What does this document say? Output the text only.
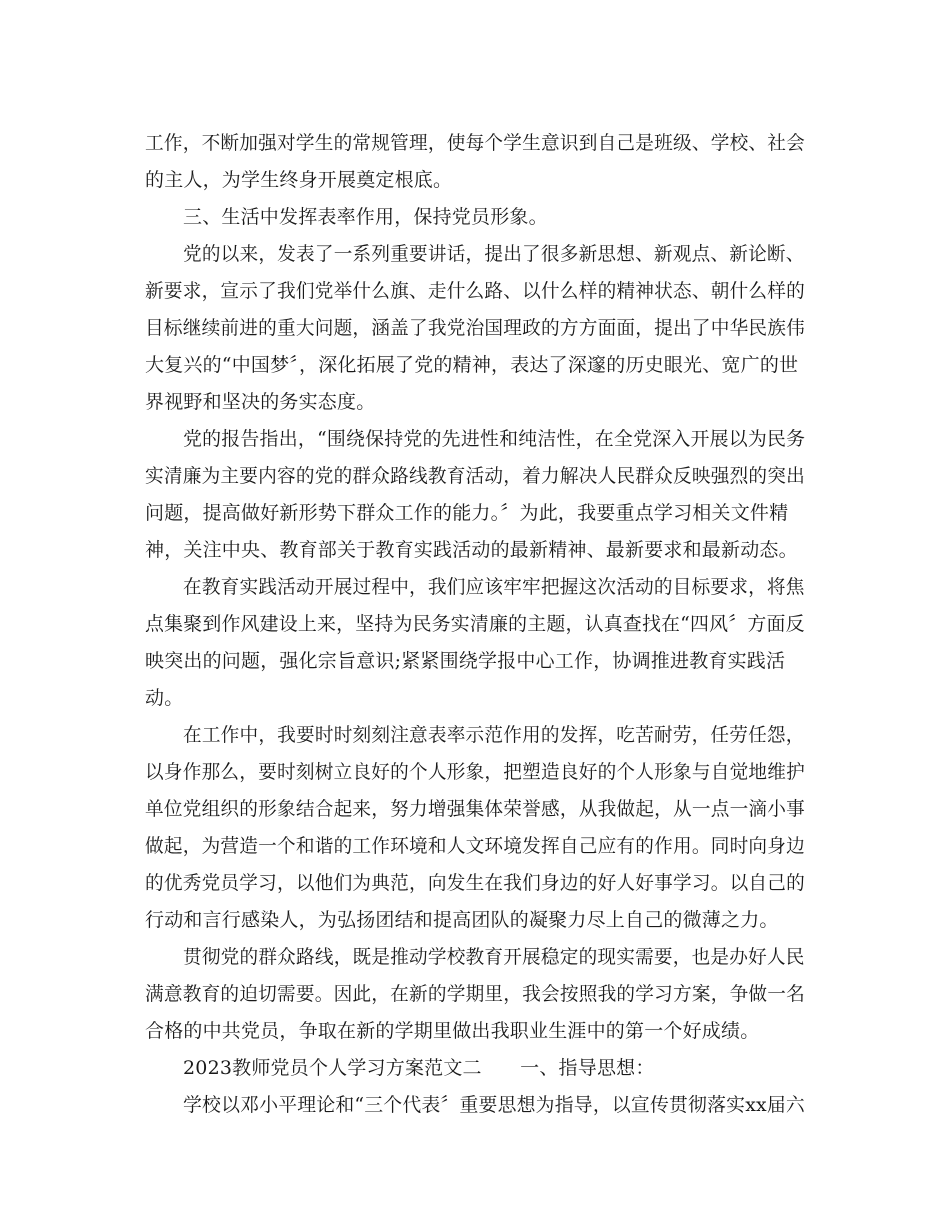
工作，不断加强对学生的常规管理，使每个学生意识到自己是班级、学校、社会
的主人，为学生终身开展奠定根底。
三、生活中发挥表率作用，保持党员形象。
党的以来，发表了一系列重要讲话，提出了很多新思想、新观点、新论断、
新要求，宣示了我们党举什么旗、走什么路、以什么样的精神状态、朝什么样的
目标继续前进的重大问题，涵盖了我党治国理政的方方面面，提出了中华民族伟
大复兴的“中国梦〞，深化拓展了党的精神，表达了深邃的历史眼光、宽广的世
界视野和坚决的务实态度。
党的报告指出，“围绕保持党的先进性和纯洁性，在全党深入开展以为民务
实清廉为主要内容的党的群众路线教育活动，着力解决人民群众反映强烈的突出
问题，提高做好新形势下群众工作的能力。〞为此，我要重点学习相关文件精
神，关注中央、教育部关于教育实践活动的最新精神、最新要求和最新动态。
在教育实践活动开展过程中，我们应该牢牢把握这次活动的目标要求，将焦
点集聚到作风建设上来，坚持为民务实清廉的主题，认真查找在“四风〞方面反
映突出的问题，强化宗旨意识;紧紧围绕学报中心工作，协调推进教育实践活
动。
在工作中，我要时时刻刻注意表率示范作用的发挥，吃苦耐劳，任劳任怨，
以身作那么，要时刻树立良好的个人形象，把塑造良好的个人形象与自觉地维护
单位党组织的形象结合起来，努力增强集体荣誉感，从我做起，从一点一滴小事
做起，为营造一个和谐的工作环境和人文环境发挥自己应有的作用。同时向身边
的优秀党员学习，以他们为典范，向发生在我们身边的好人好事学习。以自己的
行动和言行感染人，为弘扬团结和提高团队的凝聚力尽上自己的微薄之力。
贯彻党的群众路线，既是推动学校教育开展稳定的现实需要，也是办好人民
满意教育的迫切需要。因此，在新的学期里，我会按照我的学习方案，争做一名
合格的中共党员，争取在新的学期里做出我职业生涯中的第一个好成绩。
2023教师党员个人学习方案范文二　　一、指导思想：
学校以邓小平理论和“三个代表〞重要思想为指导，以宣传贯彻落实xx届六
